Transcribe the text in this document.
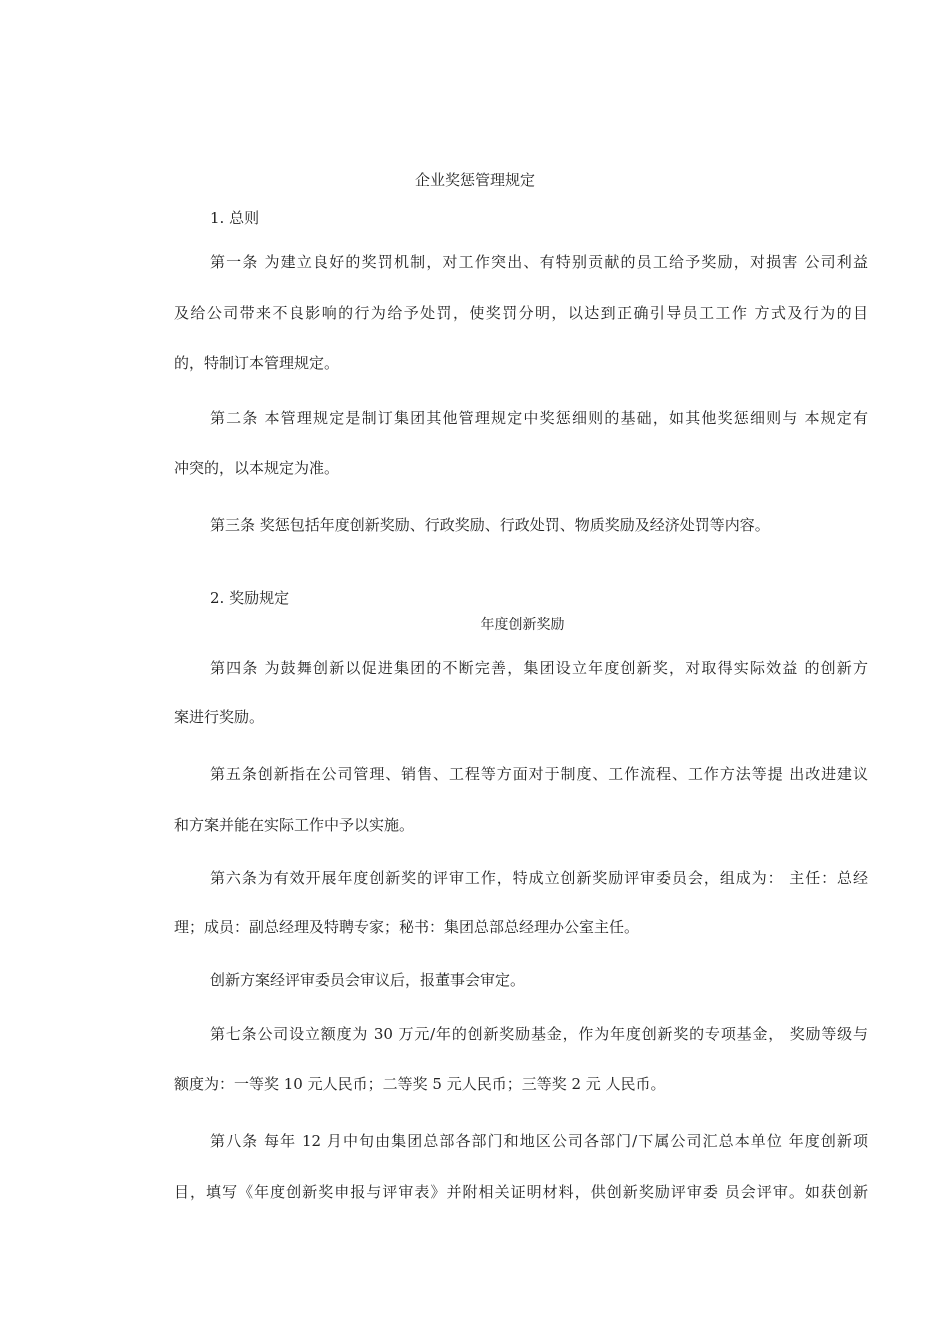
企业奖惩管理规定
1. 总则
第一条 为建立良好的奖罚机制，对工作突出、有特别贡献的员工给予奖励，对损害 公司利益
及给公司带来不良影响的行为给予处罚，使奖罚分明，以达到正确引导员工工作 方式及行为的目
的，特制订本管理规定。
第二条 本管理规定是制订集团其他管理规定中奖惩细则的基础，如其他奖惩细则与 本规定有
冲突的，以本规定为准。
第三条 奖惩包括年度创新奖励、行政奖励、行政处罚、物质奖励及经济处罚等内容。
2. 奖励规定
年度创新奖励
第四条 为鼓舞创新以促进集团的不断完善，集团设立年度创新奖，对取得实际效益 的创新方
案进行奖励。
第五条创新指在公司管理、销售、工程等方面对于制度、工作流程、工作方法等提 出改进建议
和方案并能在实际工作中予以实施。
第六条为有效开展年度创新奖的评审工作，特成立创新奖励评审委员会，组成为： 主任：总经
理；成员：副总经理及特聘专家；秘书：集团总部总经理办公室主任。
创新方案经评审委员会审议后，报董事会审定。
第七条公司设立额度为 30 万元/年的创新奖励基金，作为年度创新奖的专项基金， 奖励等级与
额度为：一等奖 10 元人民币；二等奖 5 元人民币；三等奖 2 元 人民币。
第八条 每年 12 月中旬由集团总部各部门和地区公司各部门/下属公司汇总本单位 年度创新项
目，填写《年度创新奖申报与评审表》并附相关证明材料，供创新奖励评审委 员会评审。如获创新
